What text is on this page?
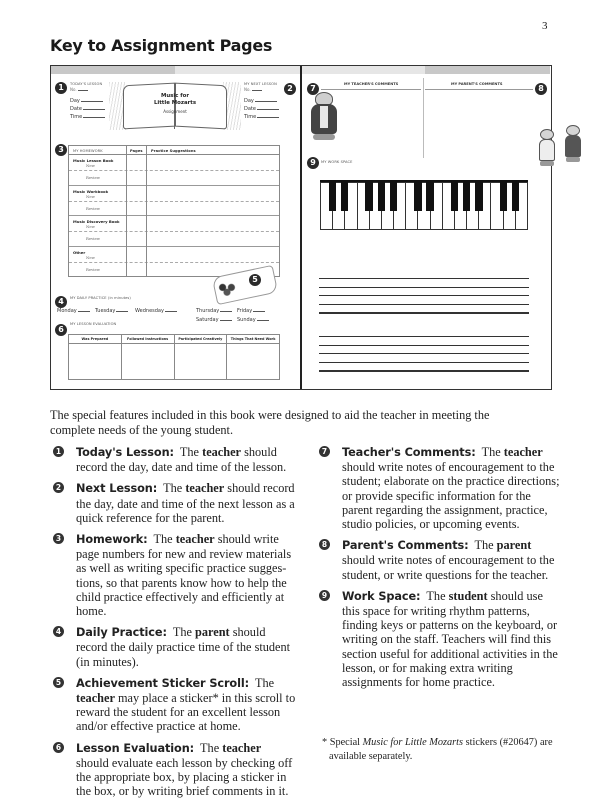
3
Key to Assignment Pages
1	TODAY'S LESSON
No.
Day
Date
Time
Music for
Little Mozarts
Assignment
MY NEXT LESSON
No.
Day
Date
Time
2
3	MY HOMEWORK	Pages Practice Suggestions
Music Lesson Book
New
Review
Music Workbook
New
Review
Music Discovery Book
New
Review
Other
New
Review
5
4	MY DAILY PRACTICE (in minutes)
Monday	Tuesday	Wednesday	Thursday	Friday
Saturday	Sunday
6
MY LESSON EVALUATION
Was Prepared	Followed Instructions	Participated Creatively	Things That Need Work
7	MY TEACHER'S COMMENTS	MY PARENT'S COMMENTS	8
9	MY WORK SPACE
The special features included in this book were designed to aid the teacher in meeting the complete needs of the young student.
1 Today's Lesson: The teacher should record the day, date and time of the lesson.
2 Next Lesson: The teacher should record the day, date and time of the next lesson as a quick reference for the parent.
3 Homework: The teacher should write page numbers for new and review materials as well as writing specific practice sugges-tions, so that parents know how to help the child practice effectively and efficiently at home.
4 Daily Practice: The parent should record the daily practice time of the student (in minutes).
5 Achievement Sticker Scroll: The teacher may place a sticker* in this scroll to reward the student for an excellent lesson and/or effective practice at home.
6 Lesson Evaluation: The teacher should evaluate each lesson by checking off the appropriate box, by placing a sticker in the box, or by writing brief comments in it.
7 Teacher's Comments: The teacher should write notes of encouragement to the student; elaborate on the practice directions; or provide specific information for the parent regarding the assignment, practice, studio policies, or upcoming events.
8 Parent's Comments: The parent should write notes of encouragement to the student, or write questions for the teacher.
9 Work Space: The student should use this space for writing rhythm patterns, finding keys or patterns on the keyboard, or writing on the staff. Teachers will find this section useful for additional activities in the lesson, or for making extra writing assignments for home practice.
* Special Music for Little Mozarts stickers (#20647) are available separately.
